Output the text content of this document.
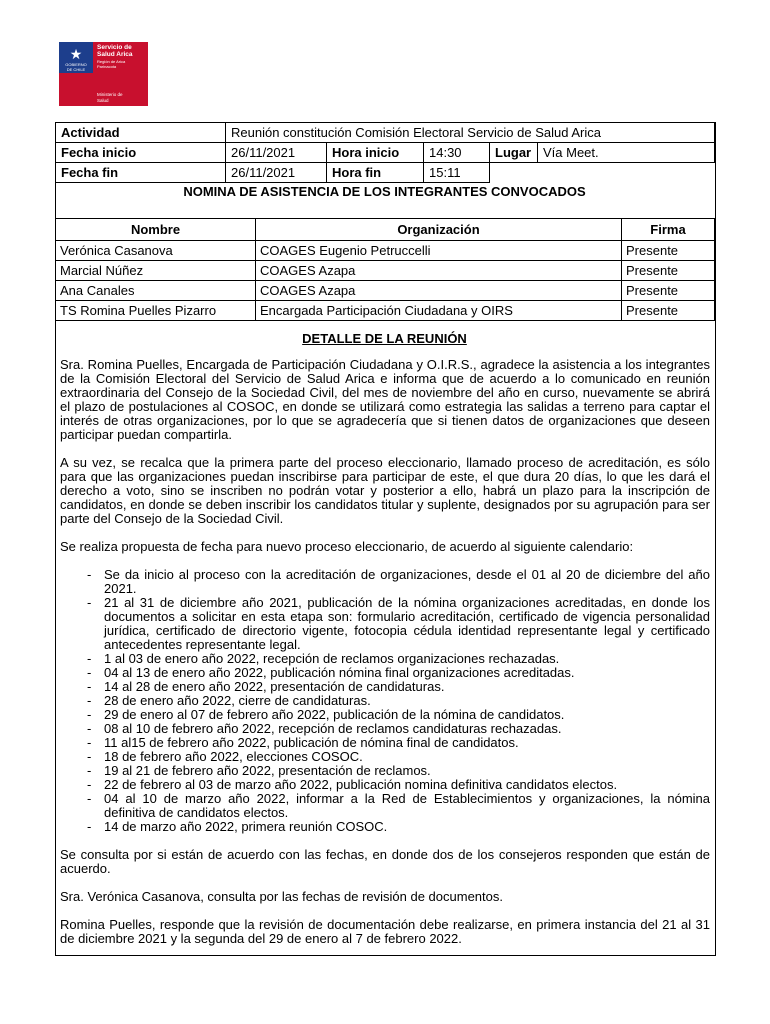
★
GOBIERNO DE CHILE
Servicio de
Salud Arica
Región de Arica
Parinacota
Ministerio de
Salud
Actividad	Reunión constitución Comisión Electoral Servicio de Salud Arica				
Fecha inicio	26/11/2021	Hora inicio	14:30	Lugar	Vía Meet.
Fecha fin	26/11/2021	Hora fin	15:11		
NOMINA DE ASISTENCIA DE LOS INTEGRANTES CONVOCADOS
Nombre	Organización	Firma
Verónica Casanova	COAGES Eugenio Petruccelli	Presente
Marcial Núñez	COAGES Azapa	Presente
Ana Canales	COAGES Azapa	Presente
TS Romina Puelles Pizarro	Encargada Participación Ciudadana y OIRS	Presente
DETALLE DE LA REUNIÓN

Sra. Romina Puelles, Encargada de Participación Ciudadana y O.I.R.S., agradece la asistencia a los integrantes de la Comisión Electoral del Servicio de Salud Arica e informa que de acuerdo a lo comunicado en reunión extraordinaria del Consejo de la Sociedad Civil, del mes de noviembre del año en curso, nuevamente se abrirá el plazo de postulaciones al COSOC, en donde se utilizará como estrategia las salidas a terreno para captar el interés de otras organizaciones, por lo que se agradecería que si tienen datos de organizaciones que deseen participar puedan compartirla.

A su vez, se recalca que la primera parte del proceso eleccionario, llamado proceso de acreditación, es sólo para que las organizaciones puedan inscribirse para participar de este, el que dura 20 días, lo que les dará el derecho a voto, sino se inscriben no podrán votar y posterior a ello, habrá un plazo para la inscripción de candidatos, en donde se deben inscribir los candidatos titular y suplente, designados por su agrupación para ser parte del Consejo de la Sociedad Civil.

Se realiza propuesta de fecha para nuevo proceso eleccionario, de acuerdo al siguiente calendario:

- Se da inicio al proceso con la acreditación de organizaciones, desde el 01 al 20 de diciembre del año 2021.
- 21 al 31 de diciembre año 2021, publicación de la nómina organizaciones acreditadas, en donde los documentos a solicitar en esta etapa son: formulario acreditación, certificado de vigencia personalidad jurídica, certificado de directorio vigente, fotocopia cédula identidad representante legal y certificado antecedentes representante legal.
- 1 al 03 de enero año 2022, recepción de reclamos organizaciones rechazadas.
- 04 al 13 de enero año 2022, publicación nómina final organizaciones acreditadas.
- 14 al 28 de enero año 2022, presentación de candidaturas.
- 28 de enero año 2022, cierre de candidaturas.
- 29 de enero al 07 de febrero año 2022, publicación de la nómina de candidatos.
- 08 al 10 de febrero año 2022, recepción de reclamos candidaturas rechazadas.
- 11 al15 de febrero año 2022, publicación de nómina final de candidatos.
- 18 de febrero año 2022, elecciones COSOC.
- 19 al 21 de febrero año 2022, presentación de reclamos.
- 22 de febrero al 03 de marzo año 2022, publicación nomina definitiva candidatos electos.
- 04 al 10 de marzo año 2022, informar a la Red de Establecimientos y organizaciones, la nómina definitiva de candidatos electos.
- 14 de marzo año 2022, primera reunión COSOC.

Se consulta por si están de acuerdo con las fechas, en donde dos de los consejeros responden que están de acuerdo.

Sra. Verónica Casanova, consulta por las fechas de revisión de documentos.

Romina Puelles, responde que la revisión de documentación debe realizarse, en primera instancia del 21 al 31 de diciembre 2021 y la segunda del 29 de enero al 7 de febrero 2022.
